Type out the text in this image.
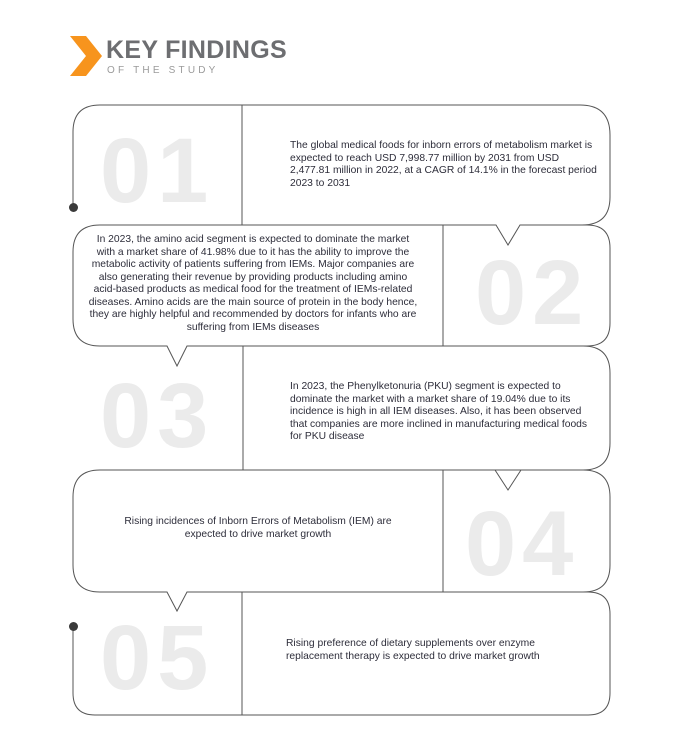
KEY FINDINGS
OF THE STUDY
01
02
03
04
05
The global medical foods for inborn errors of metabolism market is expected to reach USD 7,998.77 million by 2031 from USD 2,477.81 million in 2022, at a CAGR of 14.1% in the forecast period 2023 to 2031
In 2023, the amino acid segment is expected to dominate the market with a market share of 41.98% due to it has the ability to improve the metabolic activity of patients suffering from IEMs. Major companies are also generating their revenue by providing products including amino acid-based products as medical food for the treatment of IEMs-related diseases. Amino acids are the main source of protein in the body hence, they are highly helpful and recommended by doctors for infants who are suffering from IEMs diseases
In 2023, the Phenylketonuria (PKU) segment is expected to dominate the market with a market share of 19.04% due to its incidence is high in all IEM diseases. Also, it has been observed that companies are more inclined in manufacturing medical foods for PKU disease
Rising incidences of Inborn Errors of Metabolism (IEM) are expected to drive market growth
Rising preference of dietary supplements over enzyme replacement therapy is expected to drive market growth
